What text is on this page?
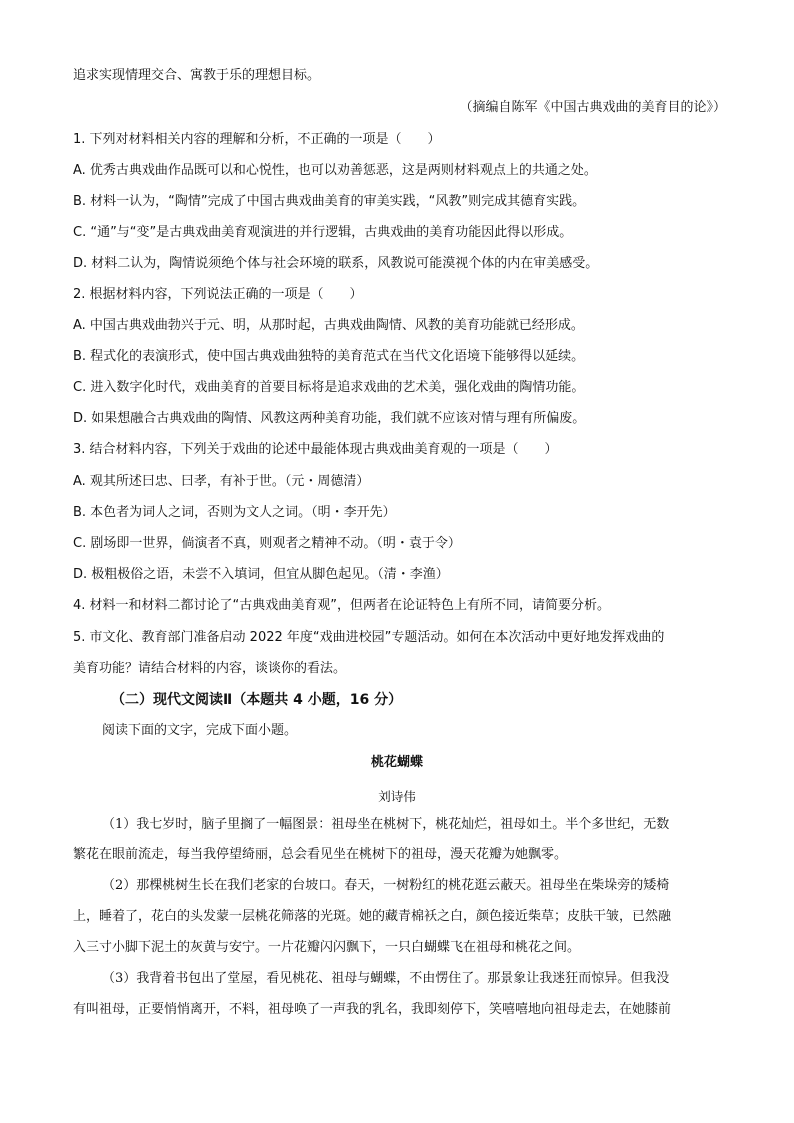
追求实现情理交合、寓教于乐的理想目标。
（摘编自陈军《中国古典戏曲的美育目的论》）
1. 下列对材料相关内容的理解和分析，不正确的一项是（　　）
A. 优秀古典戏曲作品既可以和心悦性，也可以劝善惩恶，这是两则材料观点上的共通之处。
B. 材料一认为，“陶情”完成了中国古典戏曲美育的审美实践，“风教”则完成其德育实践。
C. “通”与“变”是古典戏曲美育观演进的并行逻辑，古典戏曲的美育功能因此得以形成。
D. 材料二认为，陶情说须绝个体与社会环境的联系，风教说可能漠视个体的内在审美感受。
2. 根据材料内容，下列说法正确的一项是（　　）
A. 中国古典戏曲勃兴于元、明，从那时起，古典戏曲陶情、风教的美育功能就已经形成。
B. 程式化的表演形式，使中国古典戏曲独特的美育范式在当代文化语境下能够得以延续。
C. 进入数字化时代，戏曲美育的首要目标将是追求戏曲的艺术美，强化戏曲的陶情功能。
D. 如果想融合古典戏曲的陶情、风教这两种美育功能，我们就不应该对情与理有所偏废。
3. 结合材料内容，下列关于戏曲的论述中最能体现古典戏曲美育观的一项是（　　）
A. 观其所述曰忠、曰孝，有补于世。（元・周德清）
B. 本色者为词人之词，否则为文人之词。（明・李开先）
C. 剧场即一世界，倘演者不真，则观者之精神不动。（明・袁于令）
D. 极粗极俗之语，未尝不入填词，但宜从脚色起见。（清・李渔）
4. 材料一和材料二都讨论了“古典戏曲美育观”，但两者在论证特色上有所不同，请简要分析。
5. 市文化、教育部门准备启动 2022 年度“戏曲进校园”专题活动。如何在本次活动中更好地发挥戏曲的
美育功能？请结合材料的内容，谈谈你的看法。
（二）现代文阅读Ⅱ（本题共 4 小题，16 分）
阅读下面的文字，完成下面小题。
桃花蝴蝶
刘诗伟
（1）我七岁时，脑子里搁了一幅图景：祖母坐在桃树下，桃花灿烂，祖母如土。半个多世纪，无数
繁花在眼前流走，每当我停望绮丽，总会看见坐在桃树下的祖母，漫天花瓣为她飘零。
（2）那棵桃树生长在我们老家的台坡口。春天，一树粉红的桃花逛云蔽天。祖母坐在柴垛旁的矮椅
上，睡着了，花白的头发蒙一层桃花筛落的光斑。她的藏青棉袄之白，颜色接近柴草；皮肤干皱，已然融
入三寸小脚下泥土的灰黄与安宁。一片花瓣闪闪飘下，一只白蝴蝶飞在祖母和桃花之间。
（3）我背着书包出了堂屋，看见桃花、祖母与蝴蝶，不由愣住了。那景象让我迷狂而惊异。但我没
有叫祖母，正要悄悄离开，不料，祖母唤了一声我的乳名，我即刻停下，笑嘻嘻地向祖母走去，在她膝前
